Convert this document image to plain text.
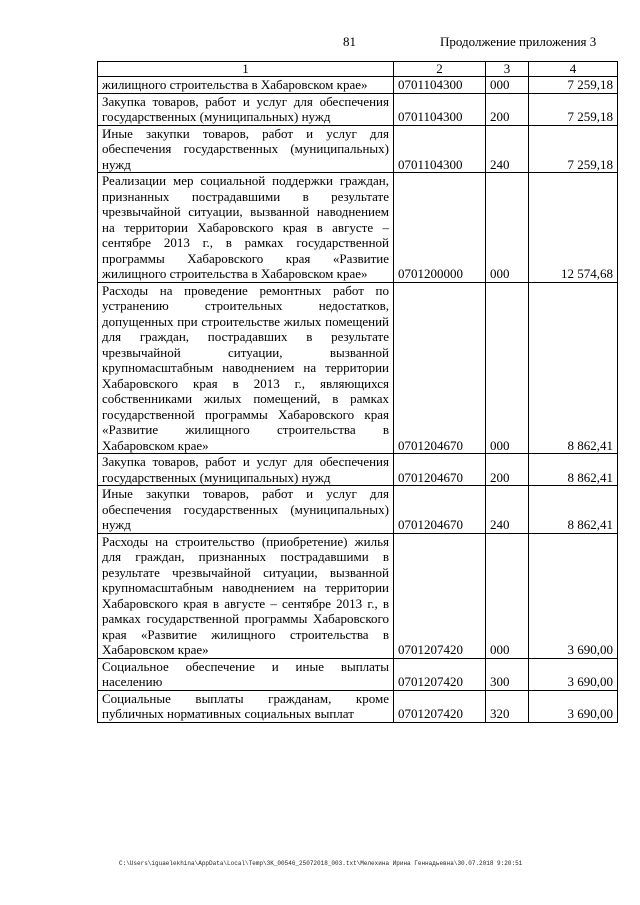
81	Продолжение приложения 3
1	2	3	4
жилищного строительства в Хабаровском крае»	0701104300	000	7 259,18
Закупка товаров, работ и услуг для обеспечения государственных (муниципальных) нужд	0701104300	200	7 259,18
Иные закупки товаров, работ и услуг для обеспечения государственных (муниципальных) нужд	0701104300	240	7 259,18
Реализации мер социальной поддержки граждан, признанных пострадавшими в результате чрезвычайной ситуации, вызванной наводнением на территории Хабаровского края в августе – сентябре 2013 г., в рамках государственной программы Хабаровского края «Развитие жилищного строительства в Хабаровском крае»	0701200000	000	12 574,68
Расходы на проведение ремонтных работ по устранению строительных недостатков, допущенных при строительстве жилых помещений для граждан, пострадавших в результате чрезвычайной ситуации, вызванной крупномасштабным наводнением на территории Хабаровского края в 2013 г., являющихся собственниками жилых помещений, в рамках государственной программы Хабаровского края «Развитие жилищного строительства в Хабаровском крае»	0701204670	000	8 862,41
Закупка товаров, работ и услуг для обеспечения государственных (муниципальных) нужд	0701204670	200	8 862,41
Иные закупки товаров, работ и услуг для обеспечения государственных (муниципальных) нужд	0701204670	240	8 862,41
Расходы на строительство (приобретение) жилья для граждан, признанных пострадавшими в результате чрезвычайной ситуации, вызванной крупномасштабным наводнением на территории Хабаровского края в августе – сентябре 2013 г., в рамках государственной программы Хабаровского края «Развитие жилищного строительства в Хабаровском крае»	0701207420	000	3 690,00
Социальное обеспечение и иные выплаты населению	0701207420	300	3 690,00
Социальные выплаты гражданам, кроме публичных нормативных социальных выплат	0701207420	320	3 690,00
C:\Users\iguaelekhina\AppData\Local\Temp\3K_00546_25072018_003.txt\Мелехина Ирина Геннадьевна\30.07.2018 9:20:51
